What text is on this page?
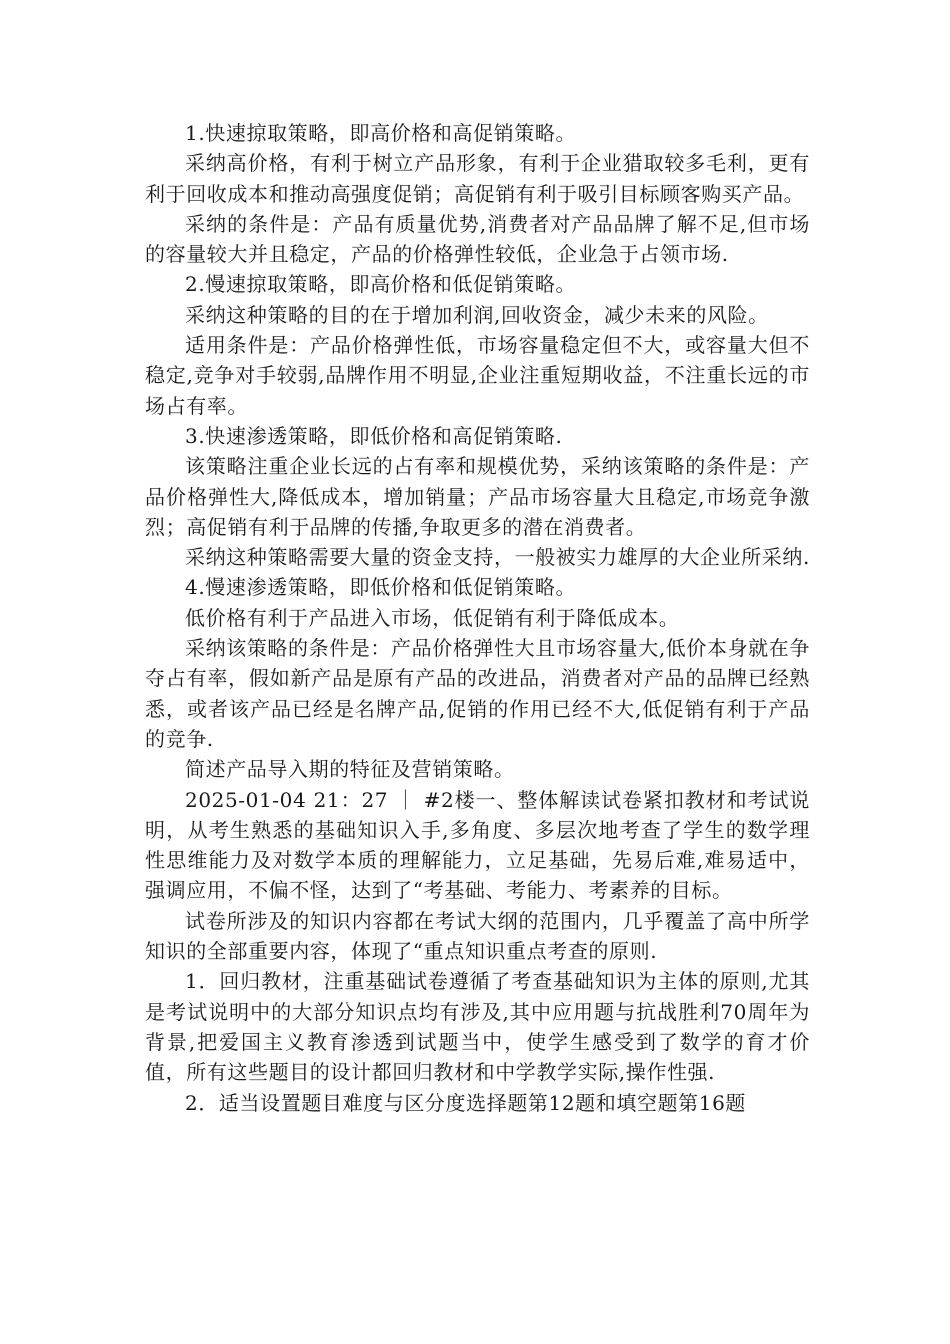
1.快速掠取策略，即高价格和高促销策略。

采纳高价格，有利于树立产品形象，有利于企业猎取较多毛利，更有利于回收成本和推动高强度促销；高促销有利于吸引目标顾客购买产品。

采纳的条件是：产品有质量优势,消费者对产品品牌了解不足,但市场的容量较大并且稳定，产品的价格弹性较低，企业急于占领市场.

2.慢速掠取策略，即高价格和低促销策略。

采纳这种策略的目的在于增加利润,回收资金，减少未来的风险。

适用条件是：产品价格弹性低，市场容量稳定但不大，或容量大但不稳定,竞争对手较弱,品牌作用不明显,企业注重短期收益，不注重长远的市场占有率。

3.快速渗透策略，即低价格和高促销策略.

该策略注重企业长远的占有率和规模优势，采纳该策略的条件是：产品价格弹性大,降低成本，增加销量；产品市场容量大且稳定,市场竞争激烈；高促销有利于品牌的传播,争取更多的潜在消费者。

采纳这种策略需要大量的资金支持，一般被实力雄厚的大企业所采纳.

4.慢速渗透策略，即低价格和低促销策略。

低价格有利于产品进入市场，低促销有利于降低成本。

采纳该策略的条件是：产品价格弹性大且市场容量大,低价本身就在争夺占有率，假如新产品是原有产品的改进品，消费者对产品的品牌已经熟悉，或者该产品已经是名牌产品,促销的作用已经不大,低促销有利于产品的竞争.

简述产品导入期的特征及营销策略。

2025-01-04 21：27 ｜ #2楼一、整体解读试卷紧扣教材和考试说明，从考生熟悉的基础知识入手,多角度、多层次地考查了学生的数学理性思维能力及对数学本质的理解能力，立足基础，先易后难,难易适中，强调应用，不偏不怪，达到了“考基础、考能力、考素养的目标。

试卷所涉及的知识内容都在考试大纲的范围内，几乎覆盖了高中所学知识的全部重要内容，体现了“重点知识重点考查的原则.

1．回归教材，注重基础试卷遵循了考查基础知识为主体的原则,尤其是考试说明中的大部分知识点均有涉及,其中应用题与抗战胜利70周年为背景,把爱国主义教育渗透到试题当中，使学生感受到了数学的育才价值，所有这些题目的设计都回归教材和中学教学实际,操作性强.

2．适当设置题目难度与区分度选择题第12题和填空题第16题
